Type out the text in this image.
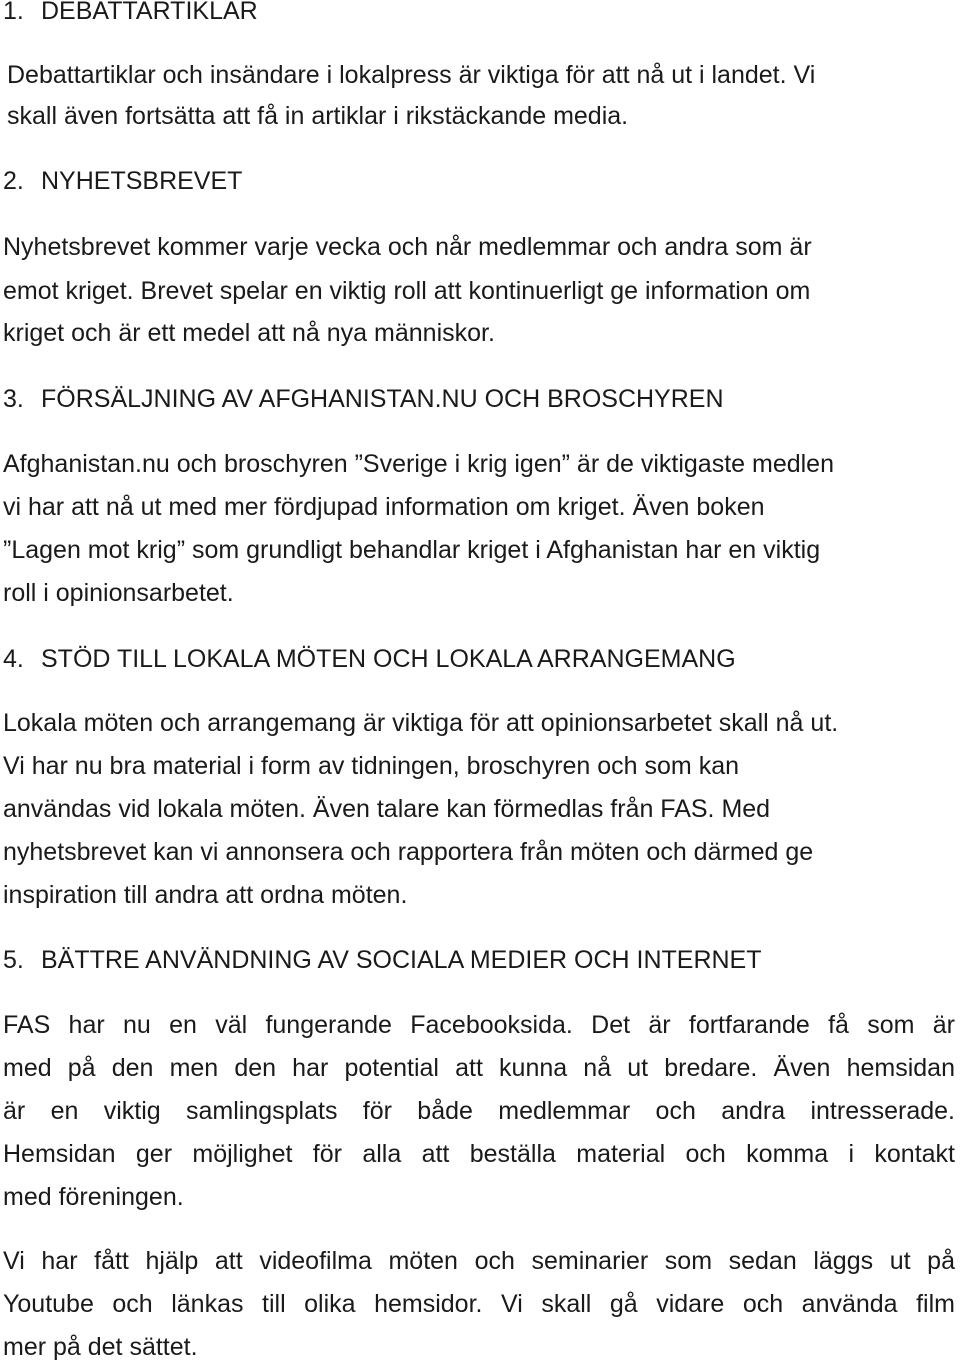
1. DEBATTARTIKLAR
Debattartiklar och insändare i lokalpress är viktiga för att nå ut i landet. Vi
skall även fortsätta att få in artiklar i rikstäckande media.
2. NYHETSBREVET
Nyhetsbrevet kommer varje vecka och når medlemmar och andra som är
emot kriget. Brevet spelar en viktig roll att kontinuerligt ge information om
kriget och är ett medel att nå nya människor.
3. FÖRSÄLJNING AV AFGHANISTAN.NU OCH BROSCHYREN
Afghanistan.nu och broschyren ”Sverige i krig igen” är de viktigaste medlen
vi har att nå ut med mer fördjupad information om kriget. Även boken
”Lagen mot krig” som grundligt behandlar kriget i Afghanistan har en viktig
roll i opinionsarbetet.
4. STÖD TILL LOKALA MÖTEN OCH LOKALA ARRANGEMANG
Lokala möten och arrangemang är viktiga för att opinionsarbetet skall nå ut.
Vi har nu bra material i form av tidningen, broschyren och som kan
användas vid lokala möten. Även talare kan förmedlas från FAS. Med
nyhetsbrevet kan vi annonsera och rapportera från möten och därmed ge
inspiration till andra att ordna möten.
5. BÄTTRE ANVÄNDNING AV SOCIALA MEDIER OCH INTERNET
FAS har nu en väl fungerande Facebooksida. Det är fortfarande få som är
med på den men den har potential att kunna nå ut bredare. Även hemsidan
är en viktig samlingsplats för både medlemmar och andra intresserade.
Hemsidan ger möjlighet för alla att beställa material och komma i kontakt
med föreningen.
Vi har fått hjälp att videofilma möten och seminarier som sedan läggs ut på
Youtube och länkas till olika hemsidor. Vi skall gå vidare och använda film
mer på det sättet.
